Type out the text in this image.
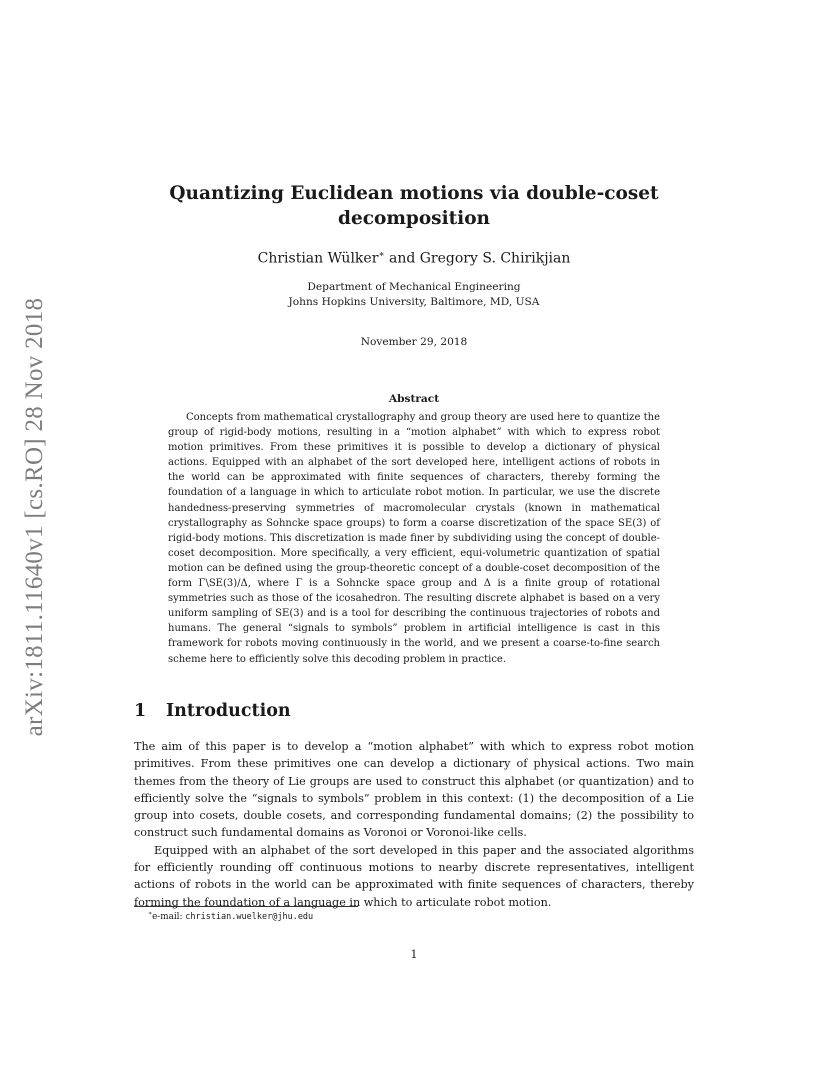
arXiv:1811.11640v1 [cs.RO] 28 Nov 2018
Quantizing Euclidean motions via double-coset
decomposition
Christian Wülker∗ and Gregory S. Chirikjian
Department of Mechanical Engineering
Johns Hopkins University, Baltimore, MD, USA
November 29, 2018
Abstract
Concepts from mathematical crystallography and group theory are used here to quantize the group of rigid-body motions, resulting in a “motion alphabet” with which to express robot motion primitives. From these primitives it is possible to develop a dictionary of physical actions. Equipped with an alphabet of the sort developed here, intelligent actions of robots in the world can be approximated with finite sequences of characters, thereby forming the foundation of a language in which to articulate robot motion. In particular, we use the discrete handedness-preserving symmetries of macromolecular crystals (known in mathematical crystallography as Sohncke space groups) to form a coarse discretization of the space SE(3) of rigid-body motions. This discretization is made finer by subdividing using the concept of double-coset decomposition. More specifically, a very efficient, equi-volumetric quantization of spatial motion can be defined using the group-theoretic concept of a double-coset decomposition of the form Γ\SE(3)/Δ, where Γ is a Sohncke space group and Δ is a finite group of rotational symmetries such as those of the icosahedron. The resulting discrete alphabet is based on a very uniform sampling of SE(3) and is a tool for describing the continuous trajectories of robots and humans. The general “signals to symbols” problem in artificial intelligence is cast in this framework for robots moving continuously in the world, and we present a coarse-to-fine search scheme here to efficiently solve this decoding problem in practice.
1 Introduction

The aim of this paper is to develop a “motion alphabet” with which to express robot motion primitives. From these primitives one can develop a dictionary of physical actions. Two main themes from the theory of Lie groups are used to construct this alphabet (or quantization) and to efficiently solve the “signals to symbols” problem in this context: (1) the decomposition of a Lie group into cosets, double cosets, and corresponding fundamental domains; (2) the possibility to construct such fundamental domains as Voronoi or Voronoi-like cells.

Equipped with an alphabet of the sort developed in this paper and the associated algorithms for efficiently rounding off continuous motions to nearby discrete representatives, intelligent actions of robots in the world can be approximated with finite sequences of characters, thereby forming the foundation of a language in which to articulate robot motion.

∗e-mail: christian.wuelker@jhu.edu
1
